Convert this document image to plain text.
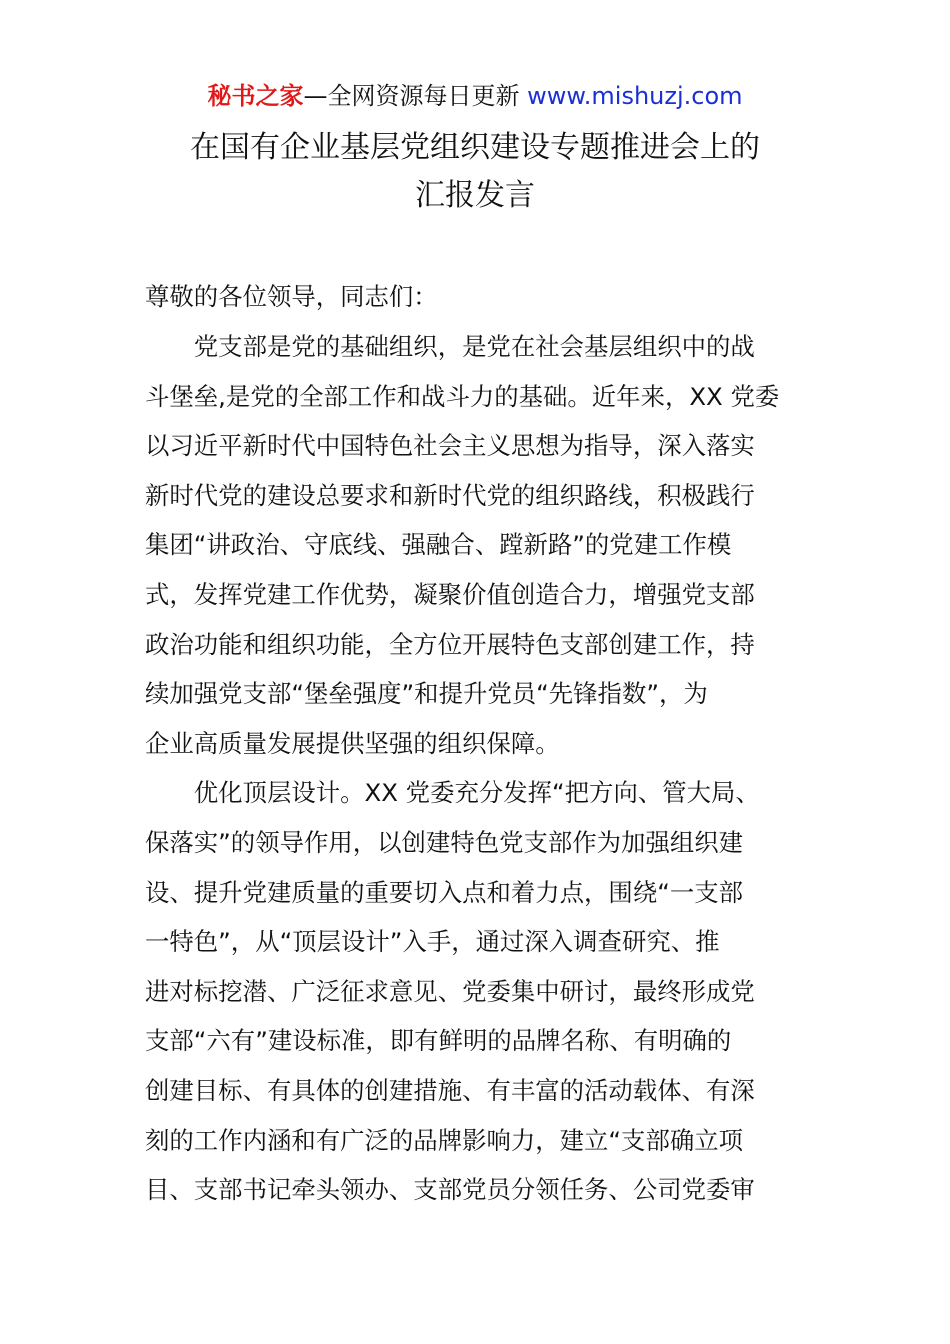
秘书之家—全网资源每日更新 www.mishuzj.com
在国有企业基层党组织建设专题推进会上的
汇报发言
尊敬的各位领导，同志们：
　　党支部是党的基础组织，是党在社会基层组织中的战
斗堡垒,是党的全部工作和战斗力的基础。近年来，XX 党委
以习近平新时代中国特色社会主义思想为指导，深入落实
新时代党的建设总要求和新时代党的组织路线，积极践行
集团“讲政治、守底线、强融合、蹚新路”的党建工作模
式，发挥党建工作优势，凝聚价值创造合力，增强党支部
政治功能和组织功能，全方位开展特色支部创建工作，持
续加强党支部“堡垒强度”和提升党员“先锋指数”，为
企业高质量发展提供坚强的组织保障。
　　优化顶层设计。XX 党委充分发挥“把方向、管大局、
保落实”的领导作用，以创建特色党支部作为加强组织建
设、提升党建质量的重要切入点和着力点，围绕“一支部
一特色”，从“顶层设计”入手，通过深入调查研究、推
进对标挖潜、广泛征求意见、党委集中研讨，最终形成党
支部“六有”建设标准，即有鲜明的品牌名称、有明确的
创建目标、有具体的创建措施、有丰富的活动载体、有深
刻的工作内涵和有广泛的品牌影响力，建立“支部确立项
目、支部书记牵头领办、支部党员分领任务、公司党委审
